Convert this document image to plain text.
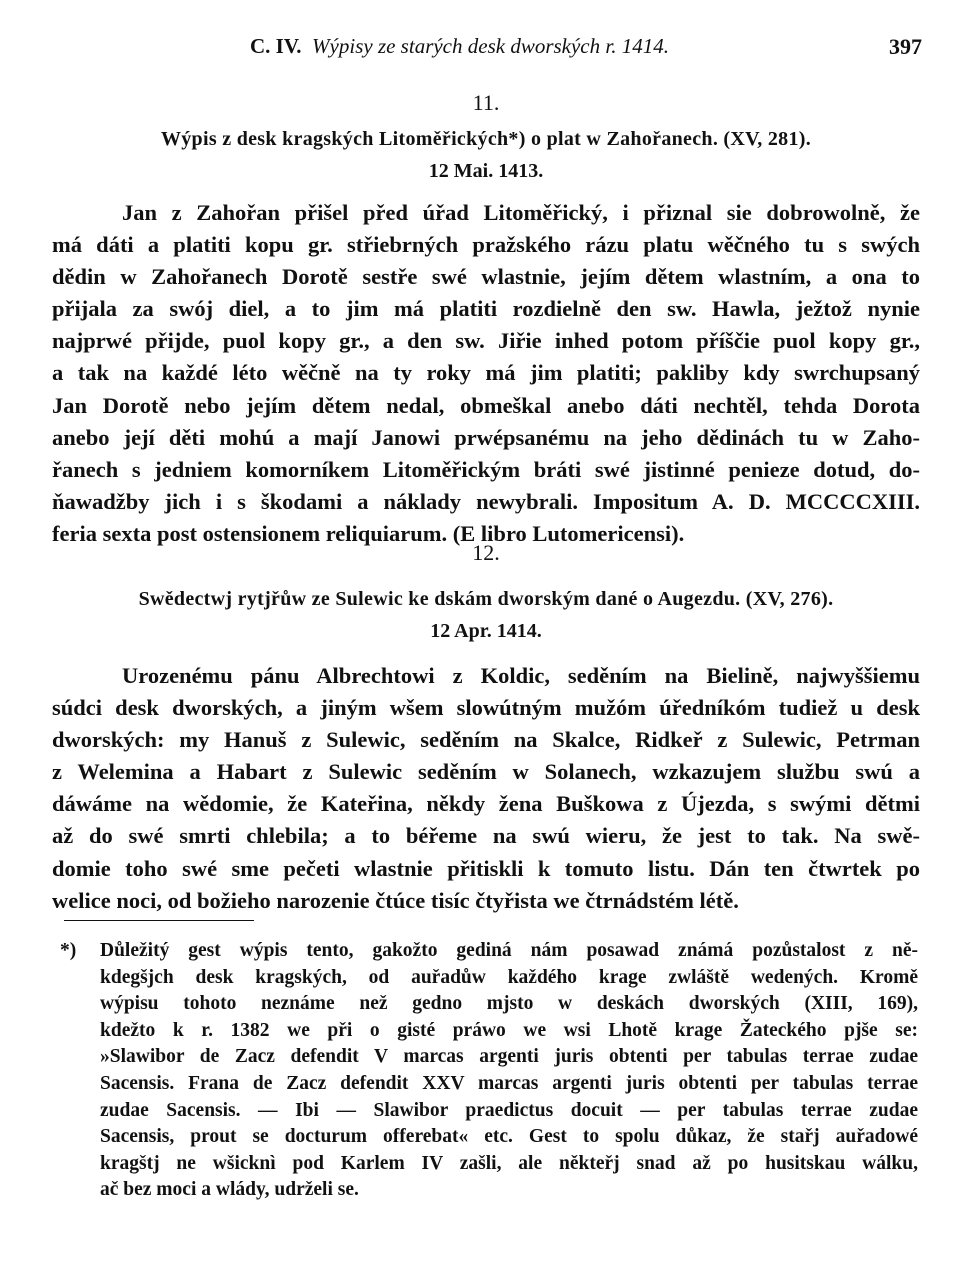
C. IV. Wýpisy ze starých desk dworských r. 1414.	397
11.
Wýpis z desk kragských Litoměřických*) o plat w Zahořanech. (XV, 281).
12 Mai. 1413.
Jan z Zahořan přišel před úřad Litoměřický, i přiznal sie dobrowolně, že
má dáti a platiti kopu gr. střiebrných pražského rázu platu wěčného tu s swých
dědin w Zahořanech Dorotě sestře swé wlastnie, jejím dětem wlastním, a ona to
přijala za swój diel, a to jim má platiti rozdielně den sw. Hawla, ježtož nynie
najprwé přijde, puol kopy gr., a den sw. Jiřie inhed potom příščie puol kopy gr.,
a tak na každé léto wěčně na ty roky má jim platiti; pakliby kdy swrchupsaný
Jan Dorotě nebo jejím dětem nedal, obmeškal anebo dáti nechtěl, tehda Dorota
anebo její děti mohú a mají Janowi prwépsanému na jeho dědinách tu w Zaho-
řanech s jedniem komorníkem Litoměřickým bráti swé jistinné penieze dotud, do-
ňawadžby jich i s škodami a náklady newybrali. Impositum A. D. MCCCCXIII.
feria sexta post ostensionem reliquiarum. (E libro Lutomericensi).
12.
Swědectwj rytjřůw ze Sulewic ke dskám dworským dané o Augezdu. (XV, 276).
12 Apr. 1414.
Urozenému pánu Albrechtowi z Koldic, seděním na Bielině, najwyššiemu
súdci desk dworských, a jiným wšem slowútným mužóm úředníkóm tudiež u desk
dworských: my Hanuš z Sulewic, seděním na Skalce, Ridkeř z Sulewic, Petrman
z Welemina a Habart z Sulewic seděním w Solanech, wzkazujem službu swú a
dáwáme na wědomie, že Kateřina, někdy žena Buškowa z Újezda, s swými dětmi
až do swé smrti chlebila; a to béřeme na swú wieru, že jest to tak. Na swě-
domie toho swé sme pečeti wlastnie přitiskli k tomuto listu. Dán ten čtwrtek po
welice noci, od božieho narozenie čtúce tisíc čtyřista we čtrnádstém létě.
*)	Důležitý gest wýpis tento, gakožto gediná nám posawad známá pozůstalost z ně-
kdegšjch desk kragských, od auřadůw každého krage zwláště wedených. Kromě
wýpisu tohoto neznáme než gedno mjsto w deskách dworských (XIII, 169),
kdežto k r. 1382 we při o gisté práwo we wsi Lhotě krage Žateckého pjše se:
»Slawibor de Zacz defendit V marcas argenti juris obtenti per tabulas terrae zudae
Sacensis. Frana de Zacz defendit XXV marcas argenti juris obtenti per tabulas terrae
zudae Sacensis. — Ibi — Slawibor praedictus docuit — per tabulas terrae zudae
Sacensis, prout se docturum offerebat« etc. Gest to spolu důkaz, že stařj auřadowé
kragštj ne wšicknì pod Karlem IV zašli, ale někteřj snad až po husitskau wálku,
ač bez moci a wlády, udrželi se.
